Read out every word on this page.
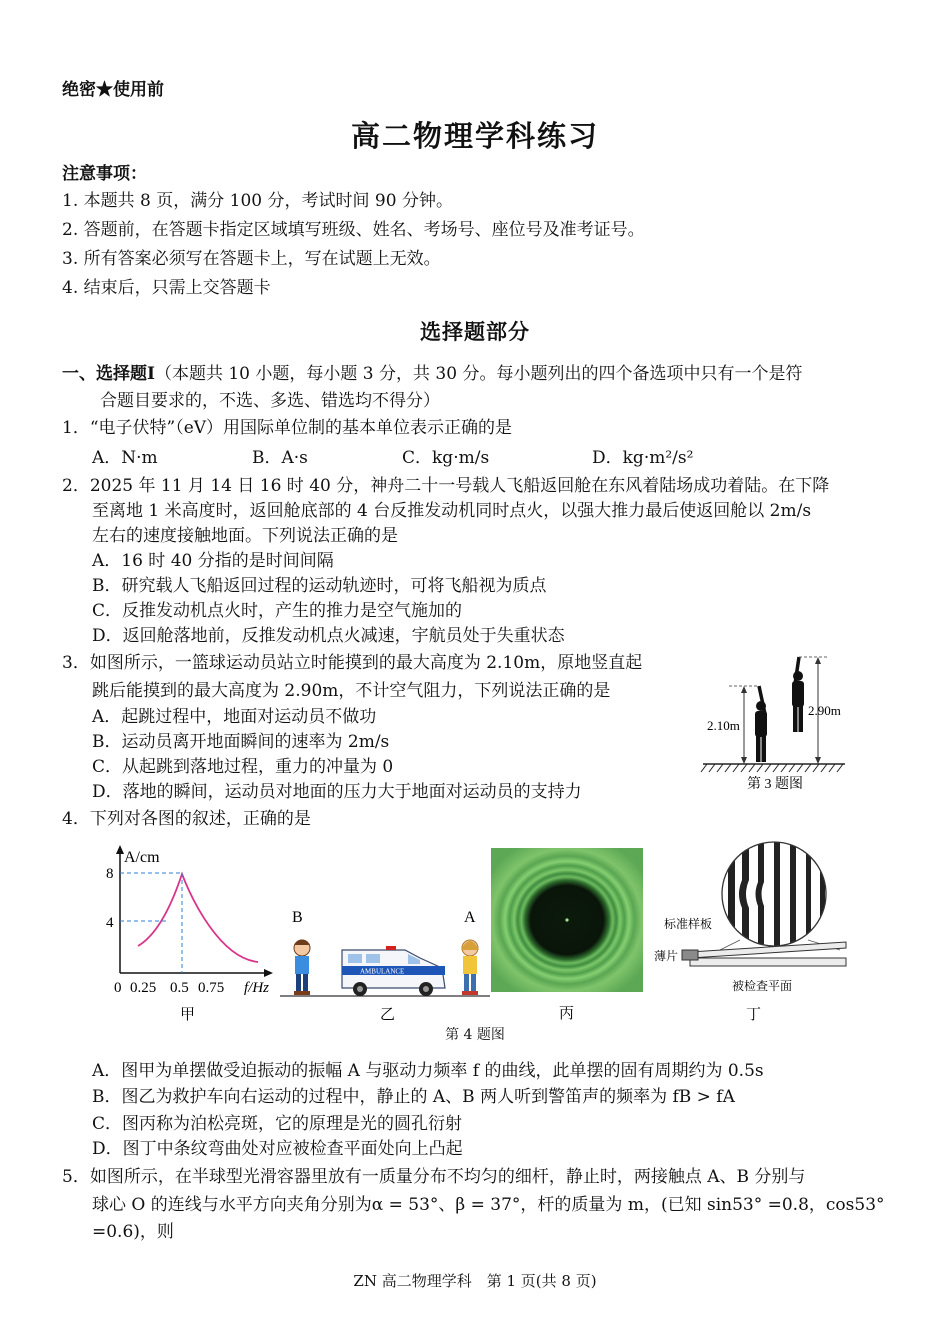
绝密★使用前
高二物理学科练习
注意事项：
1. 本题共 8 页，满分 100 分，考试时间 90 分钟。
2. 答题前，在答题卡指定区域填写班级、姓名、考场号、座位号及准考证号。
3. 所有答案必须写在答题卡上，写在试题上无效。
4. 结束后，只需上交答题卡
选择题部分
一、选择题Ⅰ（本题共 10 小题，每小题 3 分，共 30 分。每小题列出的四个备选项中只有一个是符
合题目要求的，不选、多选、错选均不得分）
1．“电子伏特”（eV）用国际单位制的基本单位表示正确的是
A．N·m	B．A·s	C．kg·m/s	D．kg·m²/s²
2．2025 年 11 月 14 日 16 时 40 分，神舟二十一号载人飞船返回舱在东风着陆场成功着陆。在下降
至离地 1 米高度时，返回舱底部的 4 台反推发动机同时点火，以强大推力最后使返回舱以 2m/s
左右的速度接触地面。下列说法正确的是
A．16 时 40 分指的是时间间隔
B．研究载人飞船返回过程的运动轨迹时，可将飞船视为质点
C．反推发动机点火时，产生的推力是空气施加的
D．返回舱落地前，反推发动机点火减速，宇航员处于失重状态
3．如图所示，一篮球运动员站立时能摸到的最大高度为 2.10m，原地竖直起
跳后能摸到的最大高度为 2.90m，不计空气阻力，下列说法正确的是
A．起跳过程中，地面对运动员不做功
B．运动员离开地面瞬间的速率为 2m/s
C．从起跳到落地过程，重力的冲量为 0
D．落地的瞬间，运动员对地面的压力大于地面对运动员的支持力
2.10m
2.90m
第 3 题图
4．下列对各图的叙述，正确的是
A/cm
8
4
0 0.25 0.5 0.75 f/Hz
甲
B
AMBULANCE
A
乙	丙
标准样板
薄片
被检查平面
丁
第 4 题图
A．图甲为单摆做受迫振动的振幅 A 与驱动力频率 f 的曲线，此单摆的固有周期约为 0.5s
B．图乙为救护车向右运动的过程中，静止的 A、B 两人听到警笛声的频率为 fB > fA
C．图丙称为泊松亮斑，它的原理是光的圆孔衍射
D．图丁中条纹弯曲处对应被检查平面处向上凸起
5．如图所示，在半球型光滑容器里放有一质量分布不均匀的细杆，静止时，两接触点 A、B 分别与
球心 O 的连线与水平方向夹角分别为α = 53°、β = 37°，杆的质量为 m，(已知 sin53° =0.8，cos53°
=0.6)，则
ZN 高二物理学科　第 1 页(共 8 页)
